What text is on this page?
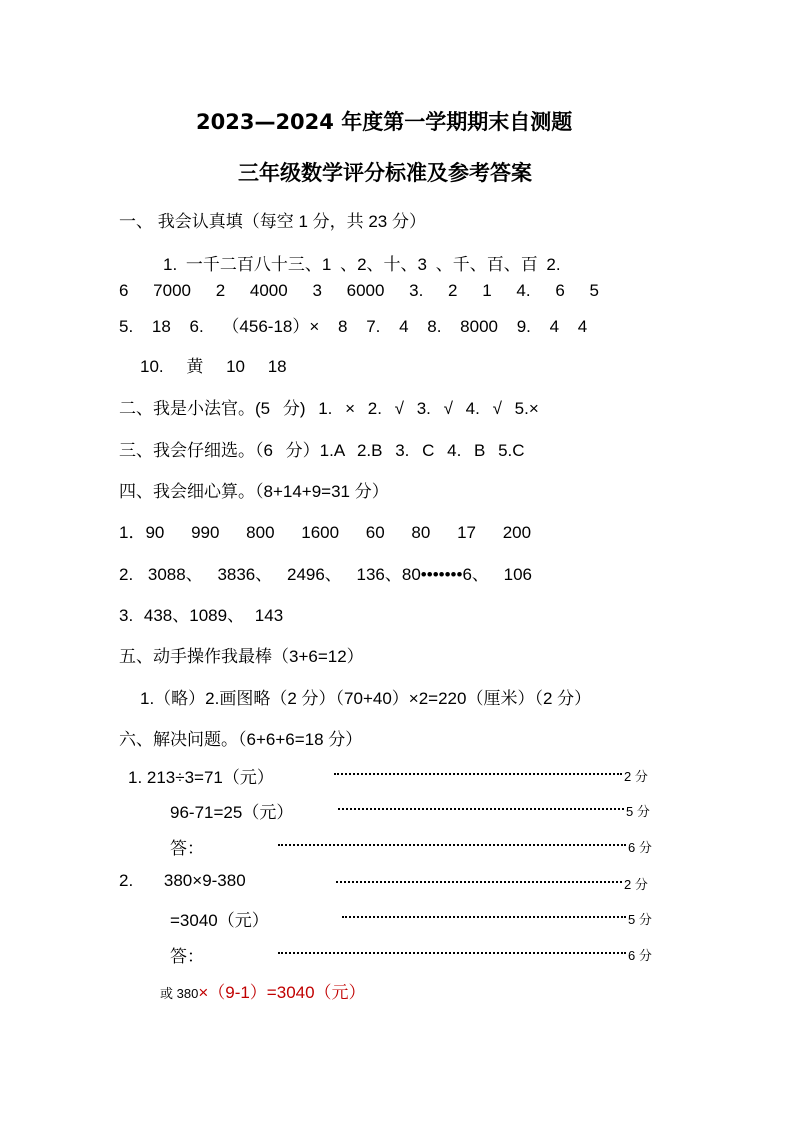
2023—2024 年度第一学期期末自测题
三年级数学评分标准及参考答案
一、 我会认真填（每空 1 分，共 23 分）
1. 一千二百八十三、1 、2、十、3 、千、百、百 2.
6 7000 2 4000 3 6000 3. 2 1 4. 6 5
5. 18 6. （456-18）× 8 7. 4 8. 8000 9. 4 4
10. 黄 10 18
二、我是小法官。(5 分) 1. × 2. √ 3. √ 4. √ 5.×
三、我会仔细选。（6 分）1.A 2.B 3. C 4. B 5.C
四、我会细心算。（8+14+9=31 分）
1．90 990 800 1600 60 80 17 200
2. 3088、 3836、 2496、 136、80•••••••6、 106
3. 438、1089、 143
五、动手操作我最棒（3+6=12）
1.（略）2.画图略（2 分）（70+40）×2=220（厘米）（2 分）
六、解决问题。（6+6+6=18 分）
1. 213÷3=71（元）	2 分
96-71=25（元）	5 分
答：	6 分
2. 380×9-380	2 分
=3040（元）	5 分
答：	6 分
或 380×（9-1）=3040（元）
